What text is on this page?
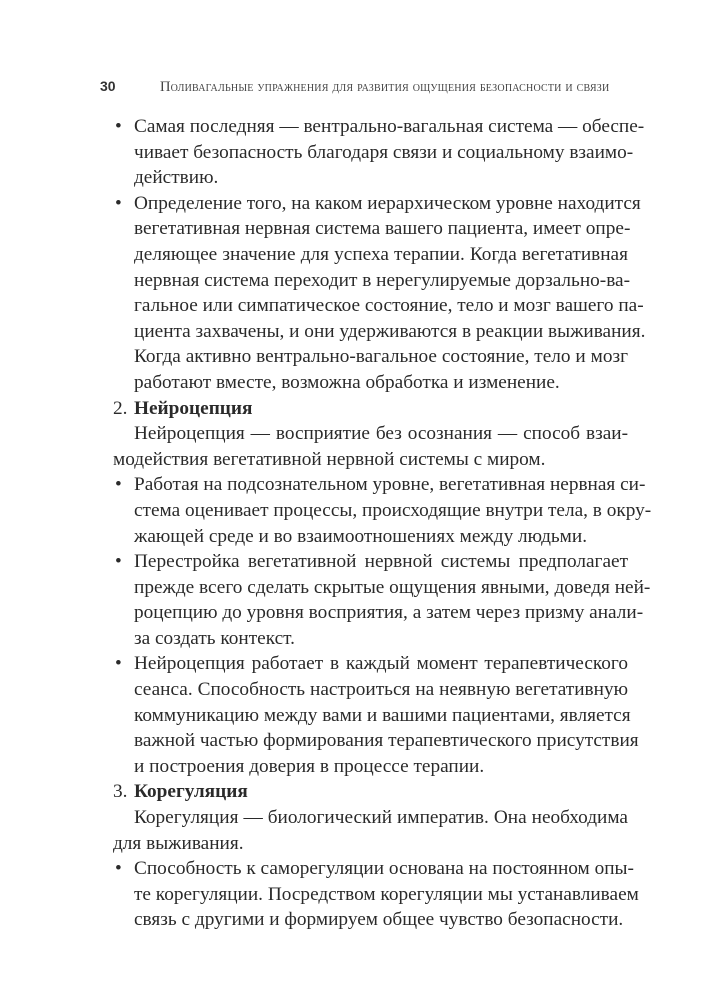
30	Поливагальные упражнения для развития ощущения безопасности и связи
• Самая последняя — вентрально-вагальная система — обеспе-
чивает безопасность благодаря связи и социальному взаимо-
действию.
• Определение того, на каком иерархическом уровне находится
вегетативная нервная система вашего пациента, имеет опре-
деляющее значение для успеха терапии. Когда вегетативная
нервная система переходит в нерегулируемые дорзально-ва-
гальное или симпатическое состояние, тело и мозг вашего па-
циента захвачены, и они удерживаются в реакции выживания.
Когда активно вентрально-вагальное состояние, тело и мозг
работают вместе, возможна обработка и изменение.
2. Нейроцепция
Нейроцепция — восприятие без осознания — способ взаи-
модействия вегетативной нервной системы с миром.
• Работая на подсознательном уровне, вегетативная нервная си-
стема оценивает процессы, происходящие внутри тела, в окру-
жающей среде и во взаимоотношениях между людьми.
• Перестройка вегетативной нервной системы предполагает
прежде всего сделать скрытые ощущения явными, доведя ней-
роцепцию до уровня восприятия, а затем через призму анали-
за создать контекст.
• Нейроцепция работает в каждый момент терапевтического
сеанса. Способность настроиться на неявную вегетативную
коммуникацию между вами и вашими пациентами, является
важной частью формирования терапевтического присутствия
и построения доверия в процессе терапии.
3. Корегуляция
Корегуляция — биологический императив. Она необходима
для выживания.
• Способность к саморегуляции основана на постоянном опы-
те корегуляции. Посредством корегуляции мы устанавливаем
связь с другими и формируем общее чувство безопасности.
